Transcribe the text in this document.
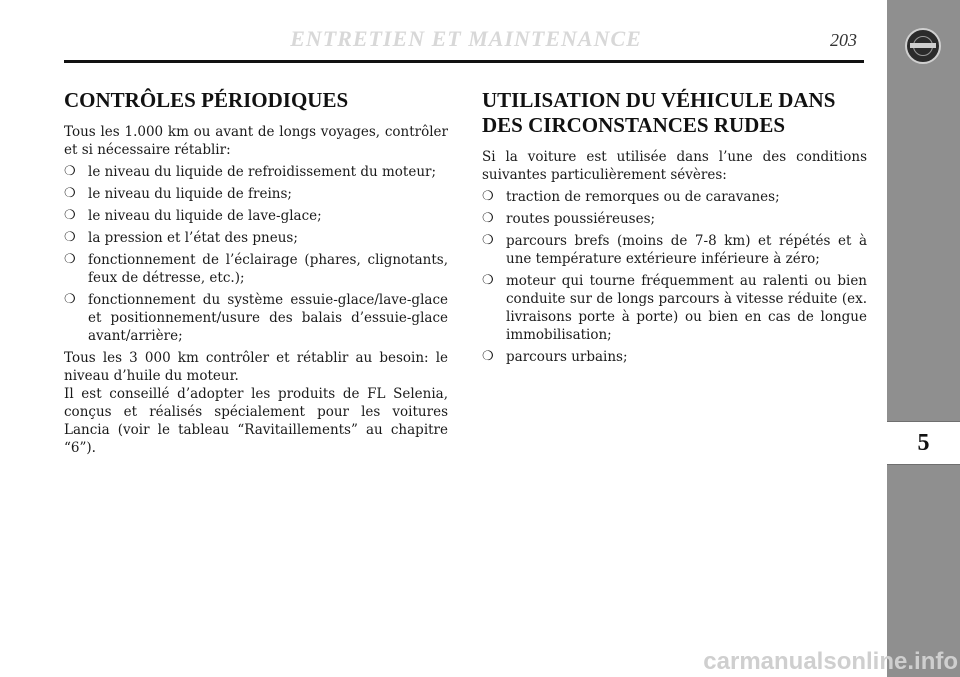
ENTRETIEN ET MAINTENANCE	203
5
CONTRÔLES PÉRIODIQUES

Tous les 1.000 km ou avant de longs voyages, contrôler et si nécessaire rétablir:

❍ le niveau du liquide de refroidissement du moteur;
❍ le niveau du liquide de freins;
❍ le niveau du liquide de lave-glace;
❍ la pression et l’état des pneus;
❍ fonctionnement de l’éclairage (phares, clignotants, feux de détresse, etc.);
❍ fonctionnement du système essuie-glace/lave-glace et positionnement/usure des balais d’essuie-glace avant/arrière;

Tous les 3 000 km contrôler et rétablir au besoin: le niveau d’huile du moteur.

Il est conseillé d’adopter les produits de FL Selenia, conçus et réalisés spécialement pour les voitures Lancia (voir le tableau “Ravitaillements” au chapitre “6”).

UTILISATION DU VÉHICULE DANS DES CIRCONSTANCES RUDES

Si la voiture est utilisée dans l’une des conditions suivantes particulièrement sévères:

❍ traction de remorques ou de caravanes;
❍ routes poussiéreuses;
❍ parcours brefs (moins de 7-8 km) et répétés et à une température extérieure inférieure à zéro;
❍ moteur qui tourne fréquemment au ralenti ou bien conduite sur de longs parcours à vitesse réduite (ex. livraisons porte à porte) ou bien en cas de longue immobilisation;
❍ parcours urbains;
carmanualsonline.info
